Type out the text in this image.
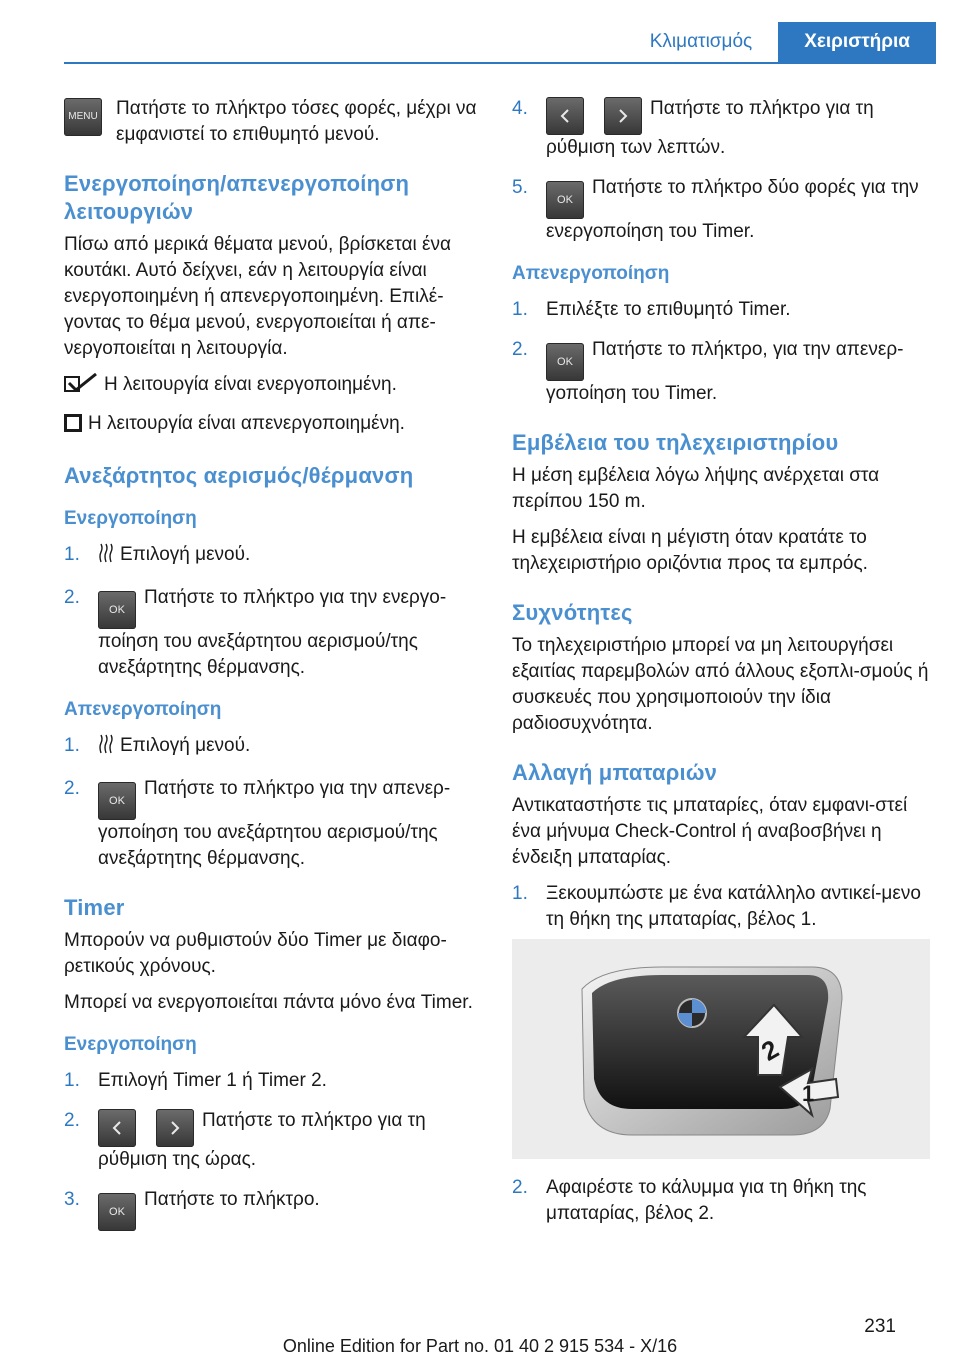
Κλιματισμός	Χειριστήρια
MENU Πατήστε το πλήκτρο τόσες φορές, μέχρι να εμφανιστεί το επιθυμητό μενού.
Ενεργοποίηση/απενεργοποίηση λειτουργιών

Πίσω από μερικά θέματα μενού, βρίσκεται ένα κουτάκι. Αυτό δείχνει, εάν η λειτουργία είναι ενεργοποιημένη ή απενεργοποιημένη. Επιλέ‐γοντας το θέμα μενού, ενεργοποιείται ή απε‐νεργοποιείται η λειτουργία.

Η λειτουργία είναι ενεργοποιημένη.

Η λειτουργία είναι απενεργοποιημένη.

Ανεξάρτητος αερισμός/θέρμανση
Ενεργοποίηση
1. Επιλογή μενού.
2.
OKΠατήστε το πλήκτρο για την ενεργο‐ποίηση του ανεξάρτητου αερισμού/της ανεξάρτητης θέρμανσης.
Απενεργοποίηση
1. Επιλογή μενού.
2.
OKΠατήστε το πλήκτρο για την απενερ‐γοποίηση του ανεξάρτητου αερισμού/της ανεξάρτητης θέρμανσης.
Timer

Μπορούν να ρυθμιστούν δύο Timer με διαφο‐ρετικούς χρόνους.

Μπορεί να ενεργοποιείται πάντα μόνο ένα Timer.

Ενεργοποίηση
1. Επιλογή Timer 1 ή Timer 2.
2.	Πατήστε το πλήκτρο για τη ρύθμιση της ώρας.
3.
OKΠατήστε το πλήκτρο.
4.	Πατήστε το πλήκτρο για τη ρύθμιση των λεπτών.
5.
OKΠατήστε το πλήκτρο δύο φορές για την ενεργοποίηση του Timer.
Απενεργοποίηση
1. Επιλέξτε το επιθυμητό Timer.
2.
OKΠατήστε το πλήκτρο, για την απενερ‐γοποίηση του Timer.
Εμβέλεια του τηλεχειριστηρίου

Η μέση εμβέλεια λόγω λήψης ανέρχεται στα περίπου 150 m.

Η εμβέλεια είναι η μέγιστη όταν κρατάτε το τηλεχειριστήριο οριζόντια προς τα εμπρός.

Συχνότητες

Το τηλεχειριστήριο μπορεί να μη λειτουργήσει εξαιτίας παρεμβολών από άλλους εξοπλι‐σμούς ή συσκευές που χρησιμοποιούν την ίδια ραδιοσυχνότητα.

Αλλαγή μπαταριών

Αντικαταστήστε τις μπαταρίες, όταν εμφανι‐στεί ένα μήνυμα Check-Control ή αναβοσβήνει η ένδειξη μπαταρίας.

1. Ξεκουμπώστε με ένα κατάλληλο αντικεί‐μενο τη θήκη της μπαταρίας, βέλος 1.
2
1
2. Αφαιρέστε το κάλυμμα για τη θήκη της μπαταρίας, βέλος 2.
231
Online Edition for Part no. 01 40 2 915 534 - X/16
